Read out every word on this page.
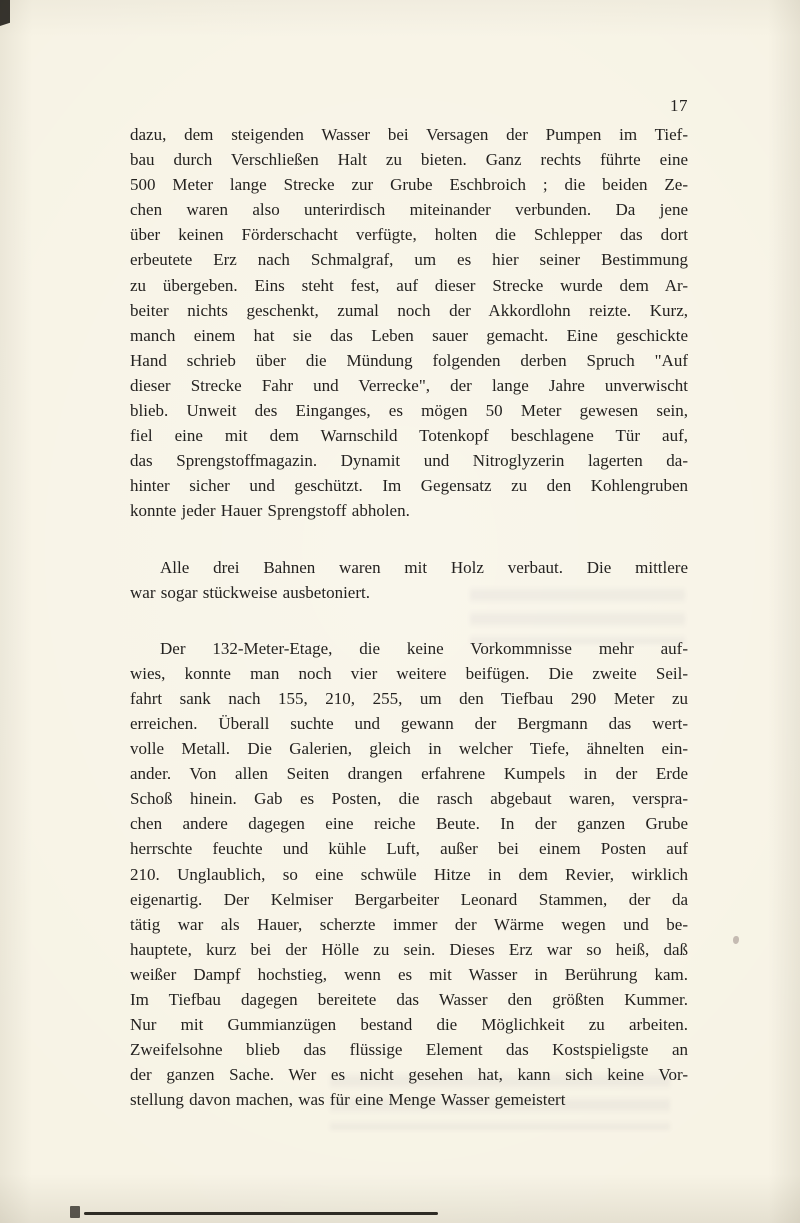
17
dazu, dem steigenden Wasser bei Versagen der Pumpen im Tief-
bau durch Verschließen Halt zu bieten. Ganz rechts führte eine
500 Meter lange Strecke zur Grube Eschbroich ; die beiden Ze-
chen waren also unterirdisch miteinander verbunden. Da jene
über keinen Förderschacht verfügte, holten die Schlepper das dort
erbeutete Erz nach Schmalgraf, um es hier seiner Bestimmung
zu übergeben. Eins steht fest, auf dieser Strecke wurde dem Ar-
beiter nichts geschenkt, zumal noch der Akkordlohn reizte. Kurz,
manch einem hat sie das Leben sauer gemacht. Eine geschickte
Hand schrieb über die Mündung folgenden derben Spruch "Auf
dieser Strecke Fahr und Verrecke", der lange Jahre unverwischt
blieb. Unweit des Einganges, es mögen 50 Meter gewesen sein,
fiel eine mit dem Warnschild Totenkopf beschlagene Tür auf,
das Sprengstoffmagazin. Dynamit und Nitroglyzerin lagerten da-
hinter sicher und geschützt. Im Gegensatz zu den Kohlengruben
konnte jeder Hauer Sprengstoff abholen.
Alle drei Bahnen waren mit Holz verbaut. Die mittlere
war sogar stückweise ausbetoniert.
Der 132-Meter-Etage, die keine Vorkommnisse mehr auf-
wies, konnte man noch vier weitere beifügen. Die zweite Seil-
fahrt sank nach 155, 210, 255, um den Tiefbau 290 Meter zu
erreichen. Überall suchte und gewann der Bergmann das wert-
volle Metall. Die Galerien, gleich in welcher Tiefe, ähnelten ein-
ander. Von allen Seiten drangen erfahrene Kumpels in der Erde
Schoß hinein. Gab es Posten, die rasch abgebaut waren, verspra-
chen andere dagegen eine reiche Beute. In der ganzen Grube
herrschte feuchte und kühle Luft, außer bei einem Posten auf
210. Unglaublich, so eine schwüle Hitze in dem Revier, wirklich
eigenartig. Der Kelmiser Bergarbeiter Leonard Stammen, der da
tätig war als Hauer, scherzte immer der Wärme wegen und be-
hauptete, kurz bei der Hölle zu sein. Dieses Erz war so heiß, daß
weißer Dampf hochstieg, wenn es mit Wasser in Berührung kam.
Im Tiefbau dagegen bereitete das Wasser den größten Kummer.
Nur mit Gummianzügen bestand die Möglichkeit zu arbeiten.
Zweifelsohne blieb das flüssige Element das Kostspieligste an
der ganzen Sache. Wer es nicht gesehen hat, kann sich keine Vor-
stellung davon machen, was für eine Menge Wasser gemeistert
